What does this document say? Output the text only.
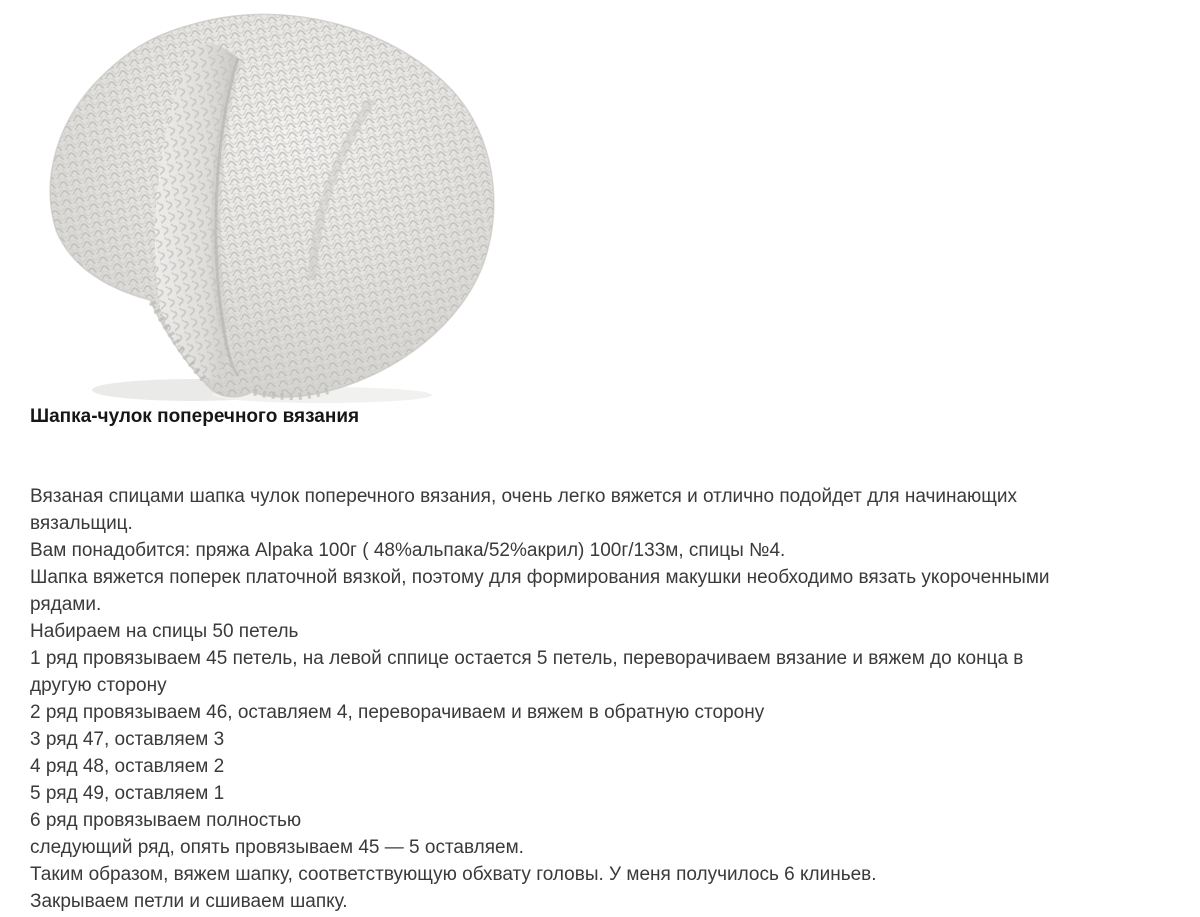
Шапка-чулок поперечного вязания
Вязаная спицами шапка чулок поперечного вязания, очень легко вяжется и отлично подойдет для начинающих
вязальщиц.
Вам понадобится: пряжа Alpaka 100г ( 48%альпака/52%акрил) 100г/133м, спицы №4.
Шапка вяжется поперек платочной вязкой, поэтому для формирования макушки необходимо вязать укороченными
рядами.
Набираем на спицы 50 петель
1 ряд провязываем 45 петель, на левой сппице остается 5 петель, переворачиваем вязание и вяжем до конца в
другую сторону
2 ряд провязываем 46, оставляем 4, переворачиваем и вяжем в обратную сторону
3 ряд 47, оставляем 3
4 ряд 48, оставляем 2
5 ряд 49, оставляем 1
6 ряд провязываем полностью
следующий ряд, опять провязываем 45 — 5 оставляем.
Таким образом, вяжем шапку, соответствующую обхвату головы. У меня получилось 6 клиньев.
Закрываем петли и сшиваем шапку.
